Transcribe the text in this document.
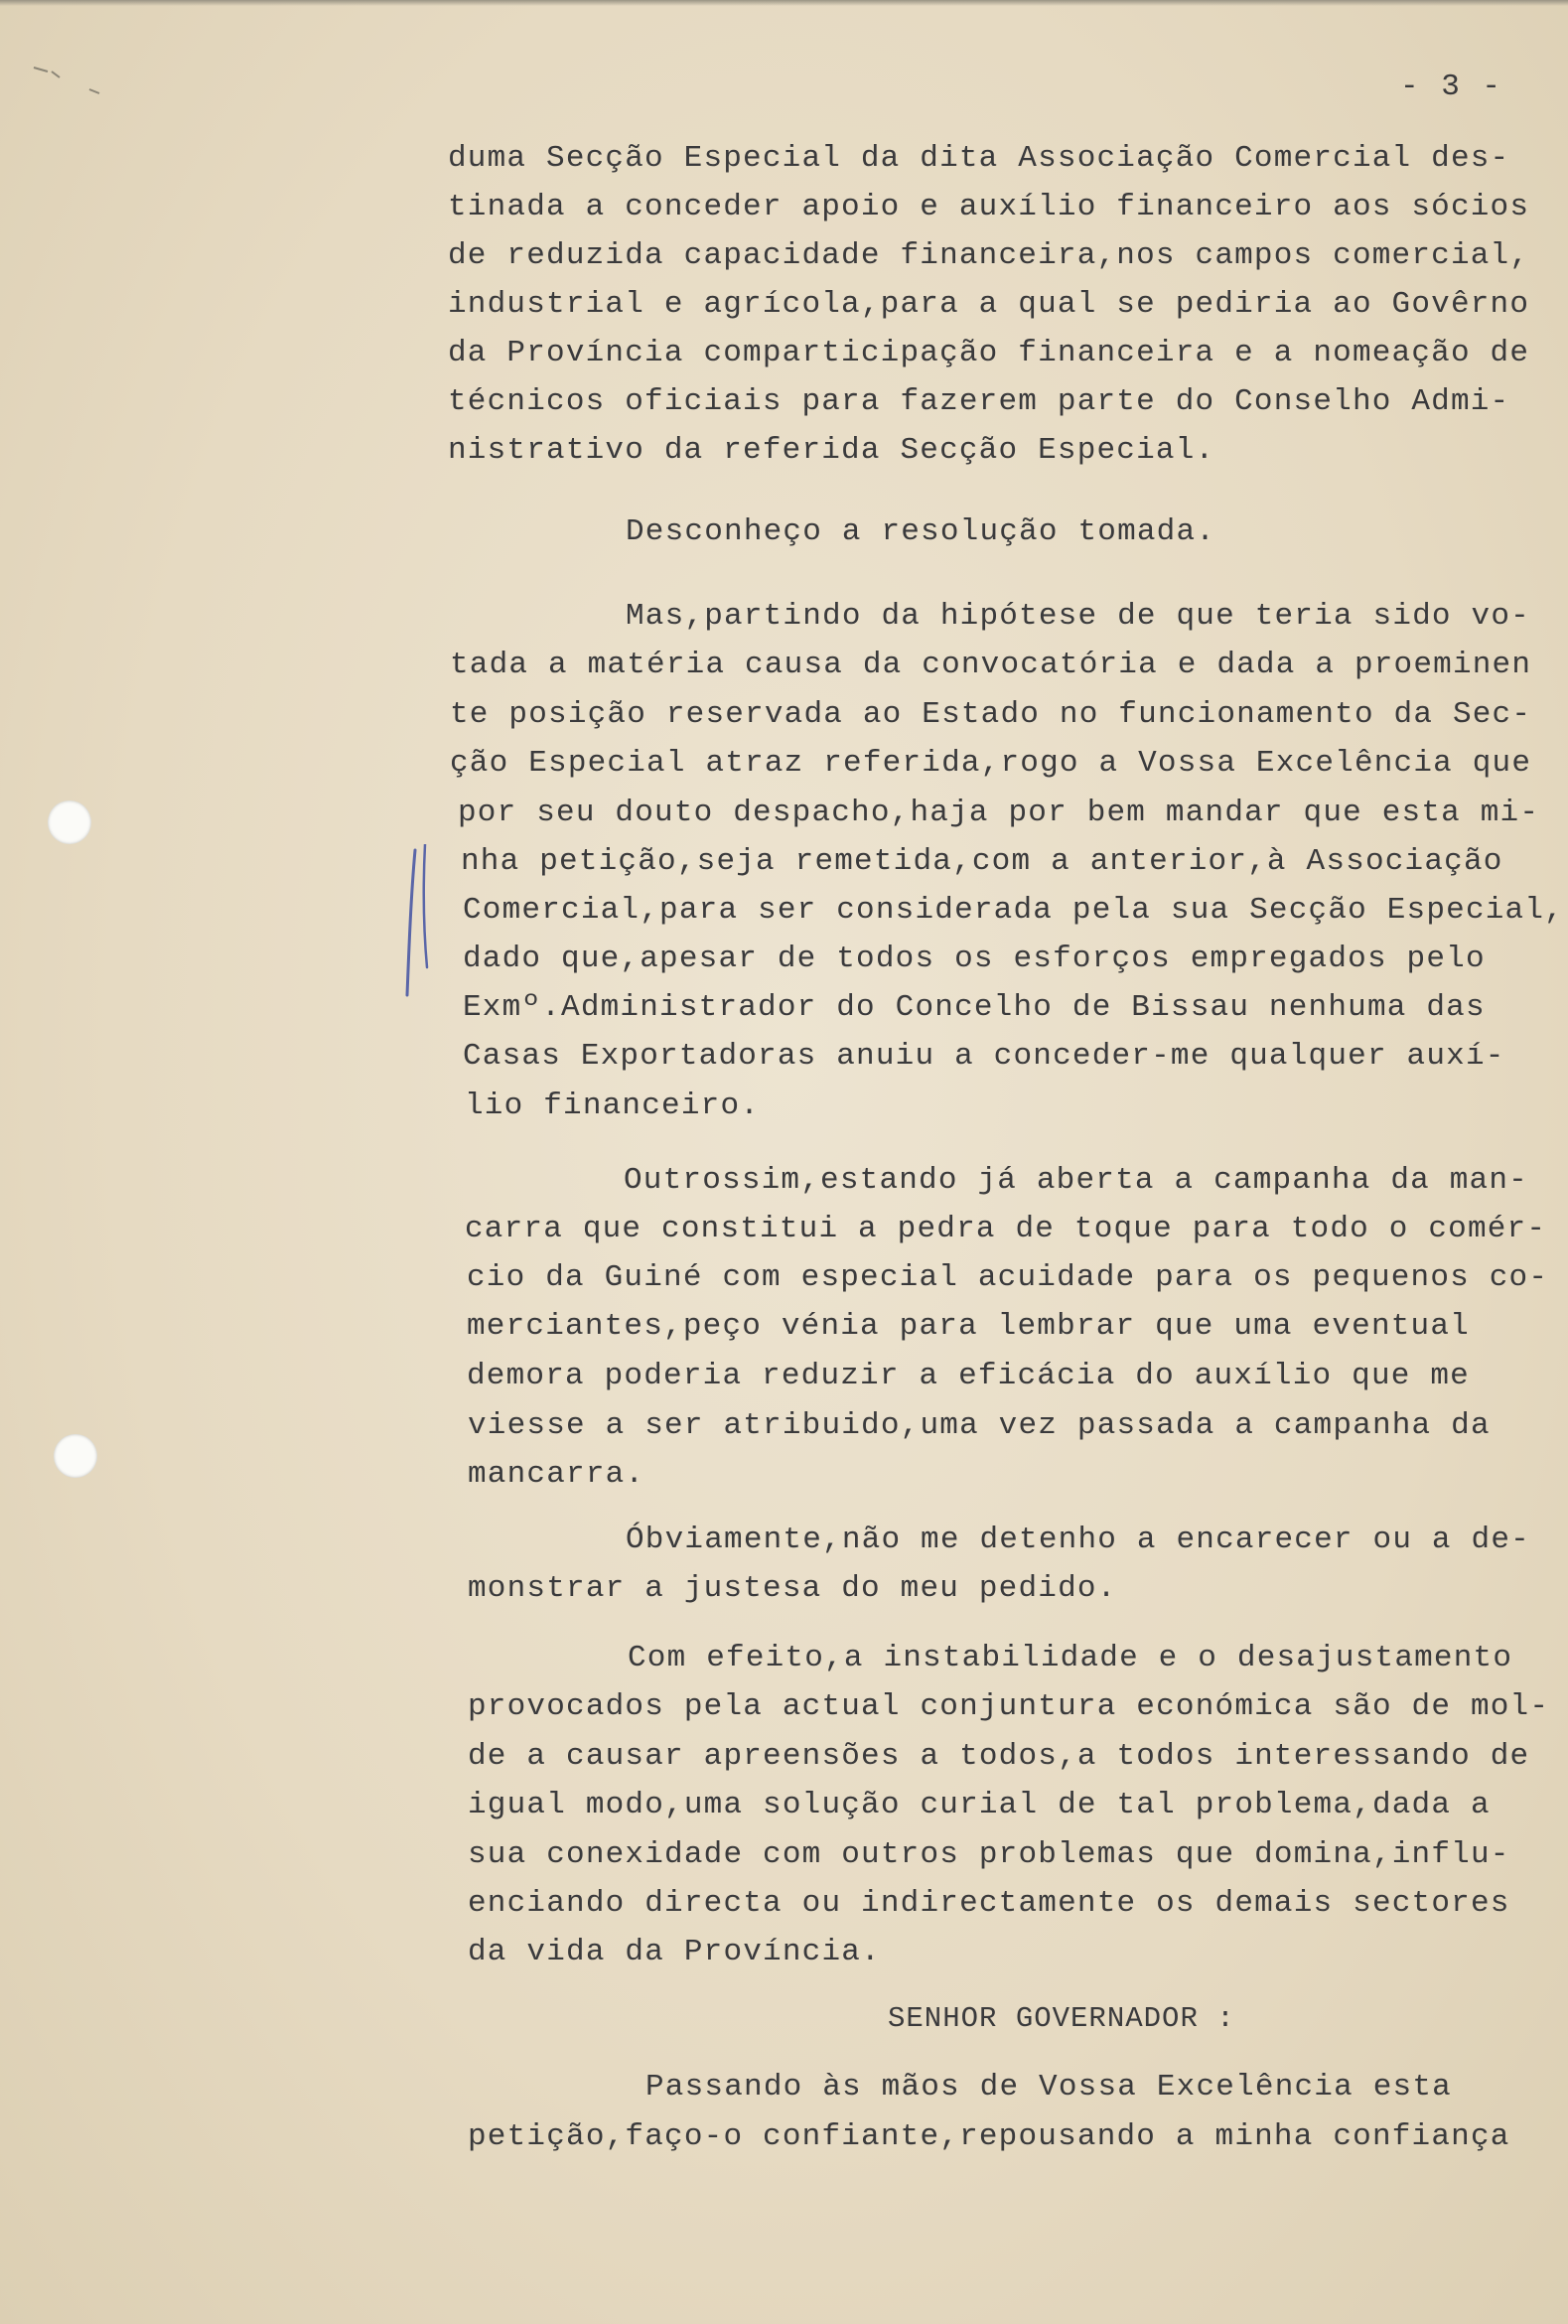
- 3 -
duma Secção Especial da dita Associação Comercial des-
tinada a conceder apoio e auxílio financeiro aos sócios
de reduzida capacidade financeira,nos campos comercial,
industrial e agrícola,para a qual se pediria ao Govêrno
da Província comparticipação financeira e a nomeação de
técnicos oficiais para fazerem parte do Conselho Admi-
nistrativo da referida Secção Especial.
Desconheço a resolução tomada.
Mas,partindo da hipótese de que teria sido vo-
tada a matéria causa da convocatória e dada a proeminen
te posição reservada ao Estado no funcionamento da Sec-
ção Especial atraz referida,rogo a Vossa Excelência que
por seu douto despacho,haja por bem mandar que esta mi-
nha petição,seja remetida,com a anterior,à Associação
Comercial,para ser considerada pela sua Secção Especial,
dado que,apesar de todos os esforços empregados pelo
Exmº.Administrador do Concelho de Bissau nenhuma das
Casas Exportadoras anuiu a conceder-me qualquer auxí-
lio financeiro.
Outrossim,estando já aberta a campanha da man-
carra que constitui a pedra de toque para todo o comér-
cio da Guiné com especial acuidade para os pequenos co-
merciantes,peço vénia para lembrar que uma eventual
demora poderia reduzir a eficácia do auxílio que me
viesse a ser atribuido,uma vez passada a campanha da
mancarra.
Óbviamente,não me detenho a encarecer ou a de-
monstrar a justesa do meu pedido.
Com efeito,a instabilidade e o desajustamento
provocados pela actual conjuntura económica são de mol-
de a causar apreensões a todos,a todos interessando de
igual modo,uma solução curial de tal problema,dada a
sua conexidade com outros problemas que domina,influ-
enciando directa ou indirectamente os demais sectores
da vida da Província.
SENHOR GOVERNADOR :
Passando às mãos de Vossa Excelência esta
petição,faço-o confiante,repousando a minha confiança
